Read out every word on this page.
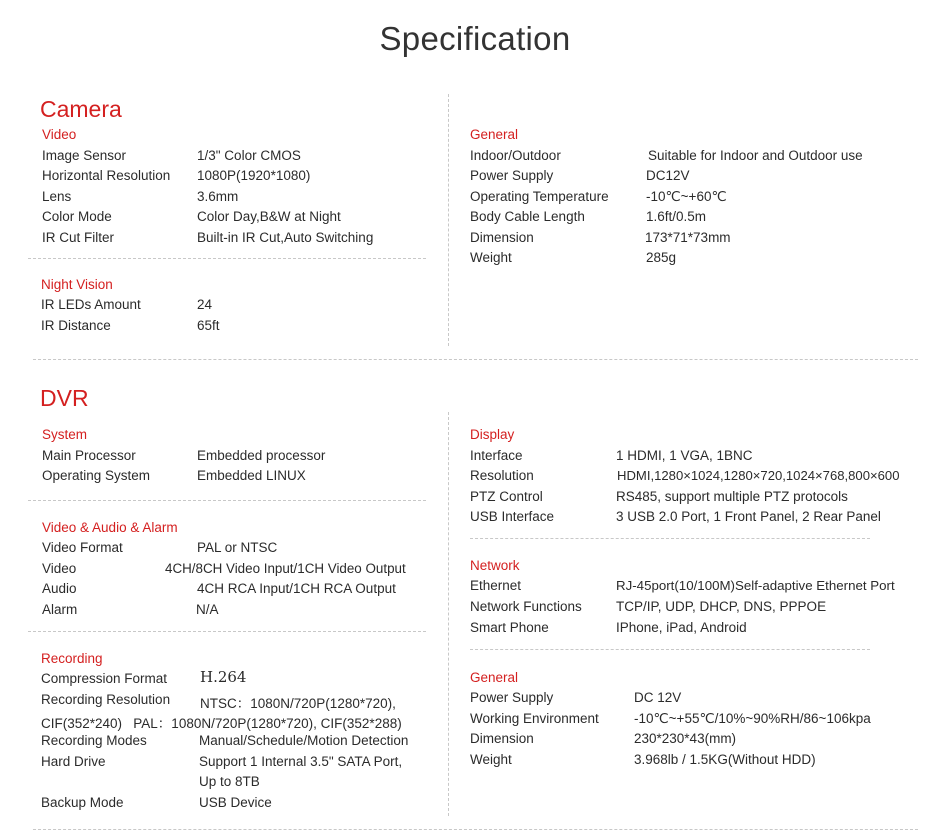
Specification
Camera
Video
Image Sensor	1/3" Color CMOS
Horizontal Resolution 1080P(1920*1080)
Lens	3.6mm
Color Mode	Color Day,B&W at Night
IR Cut Filter	Built-in IR Cut,Auto Switching
Night Vision
IR LEDs Amount	24
IR Distance	65ft
General
Indoor/Outdoor	Suitable for Indoor and Outdoor use
Power Supply	DC12V
Operating Temperature	-10℃~+60℃
Body Cable Length	1.6ft/0.5m
Dimension	173*71*73mm
Weight	285g
DVR
System
Main Processor	Embedded processor
Operating System	Embedded LINUX
Video & Audio & Alarm
Video Format	PAL or NTSC
Video	4CH/8CH Video Input/1CH Video Output
Audio	4CH RCA Input/1CH RCA Output
Alarm	N/A
Recording
Compression Format H.264
Recording Resolution NTSC：1080N/720P(1280*720),
CIF(352*240)   PAL：1080N/720P(1280*720), CIF(352*288)
Recording Modes	Manual/Schedule/Motion Detection
Hard Drive	Support 1 Internal 3.5" SATA Port,
Up to 8TB
Backup Mode	USB Device
Display
Interface	1 HDMI, 1 VGA, 1BNC
Resolution	HDMI,1280×1024,1280×720,1024×768,800×600
PTZ Control	RS485, support multiple PTZ protocols
USB Interface	3 USB 2.0 Port, 1 Front Panel, 2 Rear Panel
Network
Ethernet	RJ-45port(10/100M)Self-adaptive Ethernet Port
Network Functions	TCP/IP, UDP, DHCP, DNS, PPPOE
Smart Phone	IPhone, iPad, Android
General
Power Supply	DC 12V
Working Environment	-10℃~+55℃/10%~90%RH/86~106kpa
Dimension	230*230*43(mm)
Weight	3.968lb / 1.5KG(Without HDD)
